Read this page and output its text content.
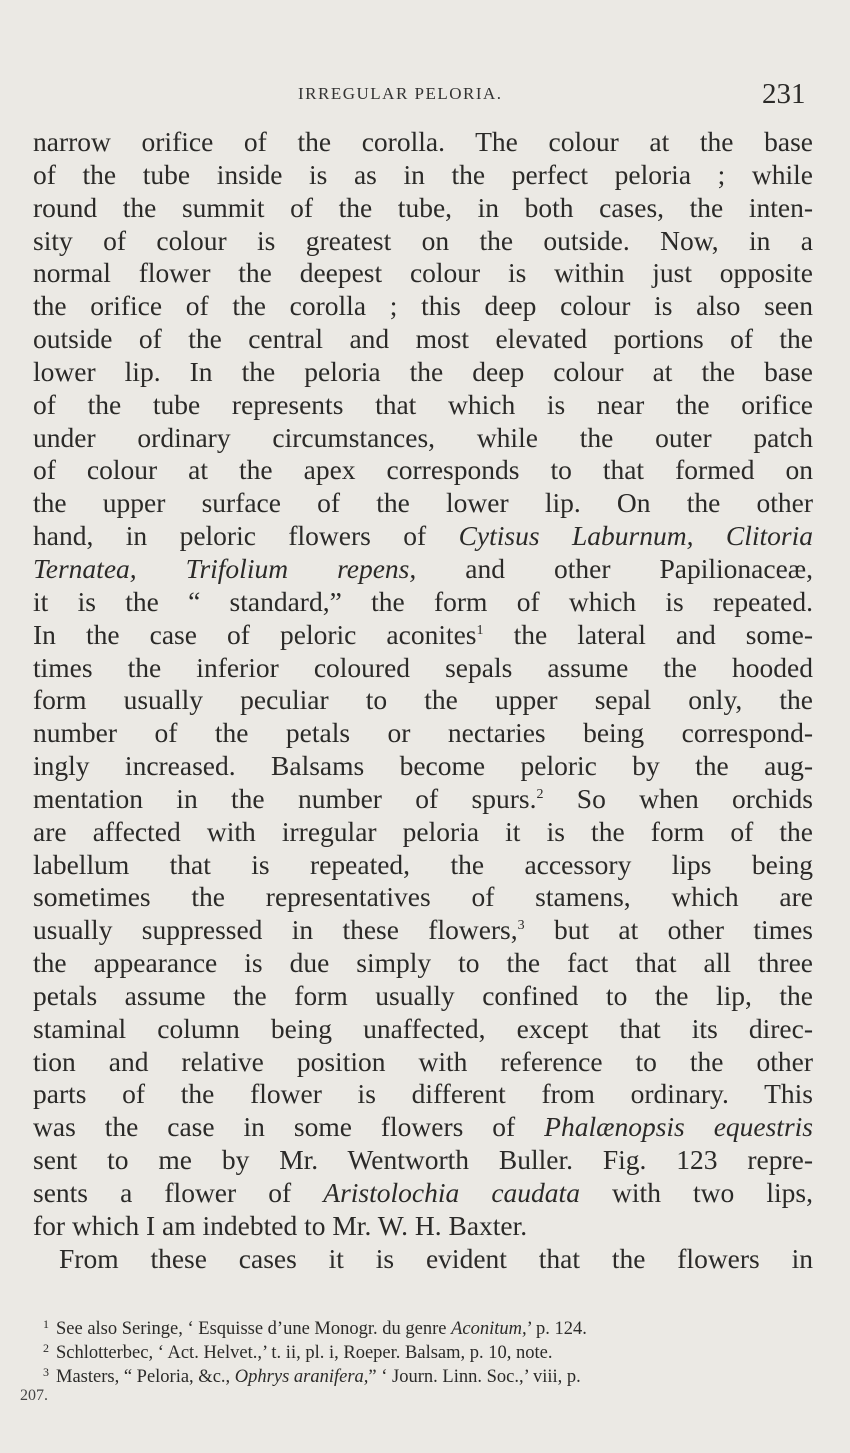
IRREGULAR PELORIA.	231
narrow orifice of the corolla. The colour at the base
of the tube inside is as in the perfect peloria ; while
round the summit of the tube, in both cases, the inten-
sity of colour is greatest on the outside. Now, in a
normal flower the deepest colour is within just opposite
the orifice of the corolla ; this deep colour is also seen
outside of the central and most elevated portions of the
lower lip. In the peloria the deep colour at the base
of the tube represents that which is near the orifice
under ordinary circumstances, while the outer patch
of colour at the apex corresponds to that formed on
the upper surface of the lower lip. On the other
hand, in peloric flowers of Cytisus Laburnum, Clitoria
Ternatea, Trifolium repens, and other Papilionaceæ,
it is the “ standard,” the form of which is repeated.
In the case of peloric aconites$^1$ the lateral and some-
times the inferior coloured sepals assume the hooded
form usually peculiar to the upper sepal only, the
number of the petals or nectaries being correspond-
ingly increased. Balsams become peloric by the aug-
mentation in the number of spurs.$^2$ So when orchids
are affected with irregular peloria it is the form of the
labellum that is repeated, the accessory lips being
sometimes the representatives of stamens, which are
usually suppressed in these flowers,$^3$ but at other times
the appearance is due simply to the fact that all three
petals assume the form usually confined to the lip, the
staminal column being unaffected, except that its direc-
tion and relative position with reference to the other
parts of the flower is different from ordinary. This
was the case in some flowers of Phalænopsis equestris
sent to me by Mr. Wentworth Buller. Fig. 123 repre-
sents a flower of Aristolochia caudata with two lips,
for which I am indebted to Mr. W. H. Baxter.
From these cases it is evident that the flowers in
1 See also Seringe, ‘ Esquisse d’une Monogr. du genre Aconitum,’ p. 124.
2 Schlotterbec, ‘ Act. Helvet.,’ t. ii, pl. i, Roeper. Balsam, p. 10, note.
3 Masters, “ Peloria, &c., Ophrys aranifera,” ‘ Journ. Linn. Soc.,’ viii, p.
207.
